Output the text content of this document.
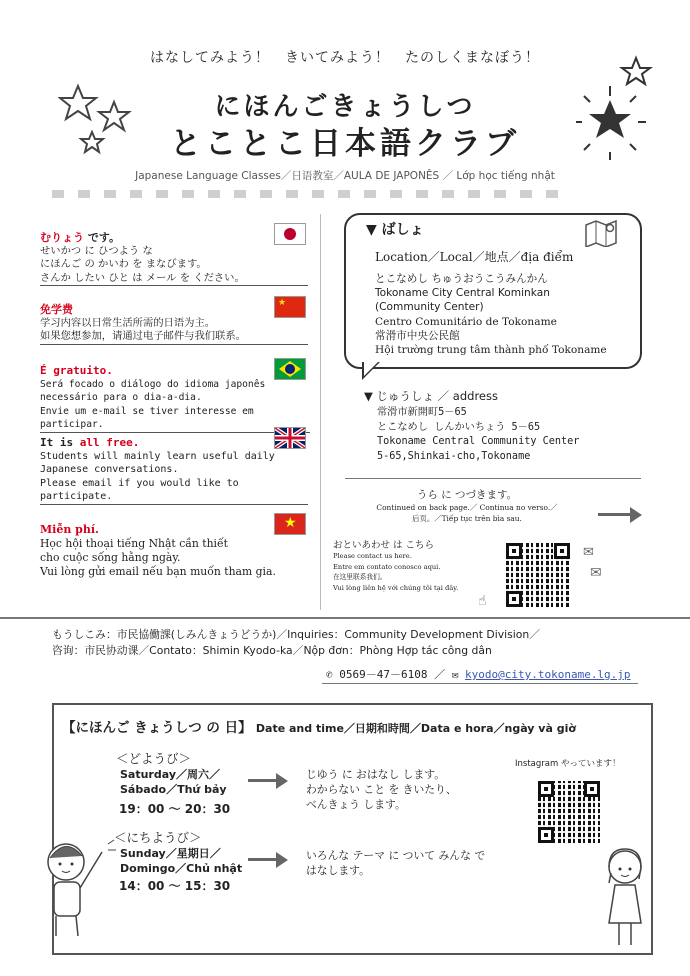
はなしてみよう！　きいてみよう！　たのしくまなぼう！
にほんごきょうしつ
とことこ日本語クラブ
Japanese Language Classes／日语教室／AULA DE JAPONÊS ／ Lớp học tiếng nhật
むりょう です。
せいかつ に ひつよう な
にほんご の かいわ を まなびます。
さんか したい ひと は メール を ください。
免学费
学习内容以日常生活所需的日语为主。
如果您想参加，请通过电子邮件与我们联系。
★
É gratuito.
Será focado o diálogo do idioma japonês
necessário para o dia-a-dia.
Envie um e-mail se tiver interesse em participar.
It is all free.
Students will mainly learn useful daily
Japanese conversations.
Please email if you would like to
participate.
Miễn phí.
Học hội thoại tiếng Nhật cần thiết
cho cuộc sống hằng ngày.
Vui lòng gửi email nếu bạn muốn tham gia.
★
▼ ばしょ
Location／Local／地点／địa điểm
とこなめし ちゅうおうこうみんかん
Tokoname City Central Kominkan
(Community Center)
Centro Comunitário de Tokoname
常滑市中央公民館
Hội trường trung tâm thành phố Tokoname
▼ じゅうしょ ／ address
常滑市新開町5－65
とこなめし しんかいちょう 5－65
Tokoname Central Community Center
5-65,Shinkai-cho,Tokoname
うら に つづきます。
Continued on back page.／ Continua no verso.／
后页。／Tiếp tục trên bìa sau.
おといあわせ は こちら
Please contact us here.
Entre em contato conosco aqui.
在这里联系我们。
Vui lòng liên hệ với chúng tôi tại đây.
☝
✉
✉
もうしこみ：市民協働課(しみんきょうどうか)／Inquiries：Community Development Division／
咨询：市民协动课／Contato：Shimin Kyodo-ka／Nộp đơn：Phòng Hợp tác công dân
✆ 0569－47－6108 ／ ✉ kyodo@city.tokoname.lg.jp
【にほんご きょうしつ の 日】 Date and time／日期和時間／Data e hora／ngày và giờ
＜どようび＞
Saturday／周六／
Sábado／Thứ bảy
19：00 ～ 20：30
じゆう に おはなし します。
わからない こと を きいたり、
べんきょう します。
＜にちようび＞
Sunday／星期日／
Domingo／Chủ nhật
14：00 ～ 15：30
いろんな テーマ に ついて みんな で
はなします。
Instagram やっています！
